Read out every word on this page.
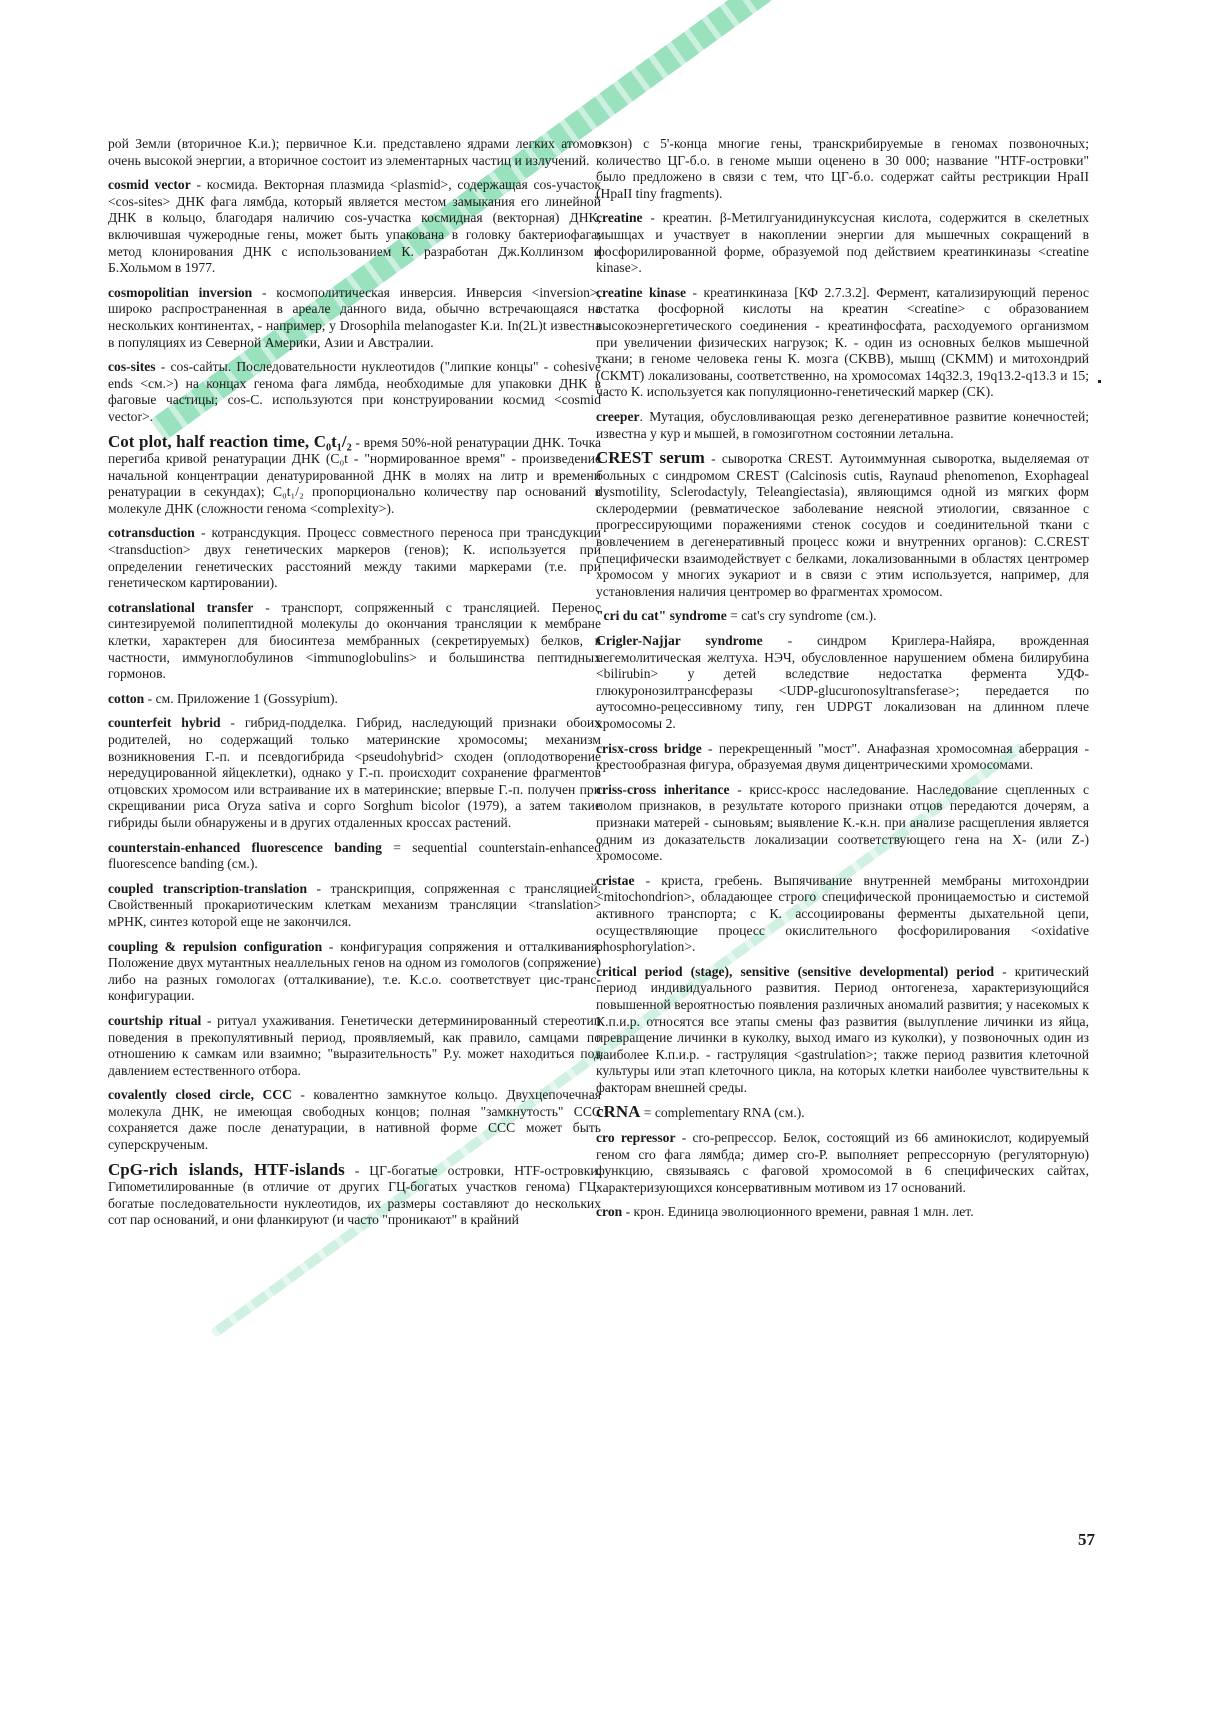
рой Земли (вторичное К.и.); первичное К.и. представлено ядрами легких атомов очень высокой энергии, а вторичное состоит из элементарных частиц и излучений.

cosmid vector - космида. Векторная плазмида <plasmid>, содержащая cos-участок <cos-sites> ДНК фага лямбда, который является местом замыкания его линейной ДНК в кольцо, благодаря наличию cos-участка космидная (векторная) ДНК, включившая чужеродные гены, может быть упакована в головку бактериофага; метод клонирования ДНК с использованием К. разработан Дж.Коллинзом и Б.Хольмом в 1977.

cosmopolitian inversion - космополитическая инверсия. Инверсия <inversion>, широко распространенная в ареале данного вида, обычно встречающаяся на нескольких континентах, - например, у Drosophila melanogaster К.и. In(2L)t известна в популяциях из Северной Америки, Азии и Австралии.

cos-sites - cos-сайты. Последовательности нуклеотидов ("липкие концы" - cohesive ends <см.>) на концах генома фага лямбда, необходимые для упаковки ДНК в фаговые частицы; cos-С. используются при конструировании космид <cosmid vector>.

Cot plot, half reaction time, C₀t₁/₂ - время 50%-ной ренатурации ДНК. Точка перегиба кривой ренатурации ДНК (C₀t - "нормированное время" - произведение начальной концентрации денатурированной ДНК в молях на литр и времени ренатурации в секундах); C₀t₁/₂ пропорционально количеству пар оснований в молекуле ДНК (сложности генома <complexity>).

cotransduction - котрансдукция. Процесс совместного переноса при трансдукции <transduction> двух генетических маркеров (генов); К. используется при определении генетических расстояний между такими маркерами (т.е. при генетическом картировании).

cotranslational transfer - транспорт, сопряженный с трансляцией. Перенос синтезируемой полипептидной молекулы до окончания трансляции к мембране клетки, характерен для биосинтеза мембранных (секретируемых) белков, в частности, иммуноглобулинов <immunoglobulins> и большинства пептидных гормонов.

cotton - см. Приложение 1 (Gossypium).

counterfeit hybrid - гибрид-подделка. Гибрид, наследующий признаки обоих родителей, но содержащий только материнские хромосомы; механизм возникновения Г.-п. и псевдогибрида <pseudohybrid> сходен (оплодотворение нередуцированной яйцеклетки), однако у Г.-п. происходит сохранение фрагментов отцовских хромосом или встраивание их в материнские; впервые Г.-п. получен при скрещивании риса Oryza sativa и сорго Sorghum bicolor (1979), а затем такие гибриды были обнаружены и в других отдаленных кроссах растений.

counterstain-enhanced fluorescence banding = sequential counterstain-enhanced fluorescence banding (см.).

coupled transcription-translation - транскрипция, сопряженная с трансляцией. Свойственный прокариотическим клеткам механизм трансляции <translation> мРНК, синтез которой еще не закончился.

coupling & repulsion configuration - конфигурация сопряжения и отталкивания. Положение двух мутантных неаллельных генов на одном из гомологов (сопряжение) либо на разных гомологах (отталкивание), т.е. К.с.о. соответствует цис-транс-конфигурации.

courtship ritual - ритуал ухаживания. Генетически детерминированный стереотип поведения в прекопулятивный период, проявляемый, как правило, самцами по отношению к самкам или взаимно; "выразительность" Р.у. может находиться под давлением естественного отбора.

covalently closed circle, CCC - ковалентно замкнутое кольцо. Двухцепочечная молекула ДНК, не имеющая свободных концов; полная "замкнутость" CCC сохраняется даже после денатурации, в нативной форме CCC может быть суперскрученым.

CpG-rich islands, HTF-islands - ЦГ-богатые островки, HTF-островки. Гипометилированные (в отличие от других ГЦ-богатых участков генома) ГЦ-богатые последовательности нуклеотидов, их размеры составляют до нескольких сот пар оснований, и они фланкируют (и часто "проникают" в крайний

экзон) с 5'-конца многие гены, транскрибируемые в геномах позвоночных; количество ЦГ-б.о. в геноме мыши оценено в 30 000; название "HTF-островки" было предложено в связи с тем, что ЦГ-б.о. содержат сайты рестрикции HpaII (HpaII tiny fragments).

creatine - креатин. β-Метилгуанидинуксусная кислота, содержится в скелетных мышцах и участвует в накоплении энергии для мышечных сокращений в фосфорилированной форме, образуемой под действием креатинкиназы <creatine kinase>.

creatine kinase - креатинкиназа [КФ 2.7.3.2]. Фермент, катализирующий перенос остатка фосфорной кислоты на креатин <creatine> с образованием высокоэнергетического соединения - креатинфосфата, расходуемого организмом при увеличении физических нагрузок; К. - один из основных белков мышечной ткани; в геноме человека гены К. мозга (CKBB), мышц (CKMM) и митохондрий (CKMT) локализованы, соответственно, на хромосомах 14q32.3, 19q13.2-q13.3 и 15; часто К. используется как популяционно-генетический маркер (CK).

creeper. Мутация, обусловливающая резко дегенеративное развитие конечностей; известна у кур и мышей, в гомозиготном состоянии летальна.

CREST serum - сыворотка CREST. Аутоиммунная сыворотка, выделяемая от больных с синдромом CREST (Calcinosis cutis, Raynaud phenomenon, Exophageal dysmotility, Sclerodactyly, Teleangiectasia), являющимся одной из мягких форм склеродермии (ревматическое заболевание неясной этиологии, связанное с прогрессирующими поражениями стенок сосудов и соединительной ткани с вовлечением в дегенеративный процесс кожи и внутренних органов): C.CREST специфически взаимодействует с белками, локализованными в областях центромер хромосом у многих эукариот и в связи с этим используется, например, для установления наличия центромер во фрагментах хромосом.

"cri du cat" syndrome = cat's cry syndrome (см.).

Crigler-Najjar syndrome - синдром Криглера-Найяра, врожденная негемолитическая желтуха. НЭЧ, обусловленное нарушением обмена билирубина <bilirubin> у детей вследствие недостатка фермента УДФ-глюкуронозилтрансферазы <UDP-glucuronosyltransferase>; передается по аутосомно-рецессивному типу, ген UDPGT локализован на длинном плече хромосомы 2.

crisx-cross bridge - перекрещенный "мост". Анафазная хромосомная аберрация - крестообразная фигура, образуемая двумя дицентрическими хромосомами.

criss-cross inheritance - крисс-кросс наследование. Наследование сцепленных с полом признаков, в результате которого признаки отцов передаются дочерям, а признаки матерей - сыновьям; выявление К.-к.н. при анализе расщепления является одним из доказательств локализации соответствующего гена на X- (или Z-) хромосоме.

cristae - криста, гребень. Выпячивание внутренней мембраны митохондрии <mitochondrion>, обладающее строго специфической проницаемостью и системой активного транспорта; с К. ассоциированы ферменты дыхательной цепи, осуществляющие процесс окислительного фосфорилирования <oxidative phosphorylation>.

critical period (stage), sensitive (sensitive developmental) period - критический период индивидуального развития. Период онтогенеза, характеризующийся повышенной вероятностью появления различных аномалий развития; у насекомых к К.п.и.р. относятся все этапы смены фаз развития (вылупление личинки из яйца, превращение личинки в куколку, выход имаго из куколки), у позвоночных один из наиболее К.п.и.р. - гаструляция <gastrulation>; также период развития клеточной культуры или этап клеточного цикла, на которых клетки наиболее чувствительны к факторам внешней среды.

cRNA = complementary RNA (см.).

cro repressor - cro-репрессор. Белок, состоящий из 66 аминокислот, кодируемый геном cro фага лямбда; димер cro-Р. выполняет репрессорную (регуляторную) функцию, связываясь с фаговой хромосомой в 6 специфических сайтах, характеризующихся консервативным мотивом из 17 оснований.

cron - крон. Единица эволюционного времени, равная 1 млн. лет.

57
